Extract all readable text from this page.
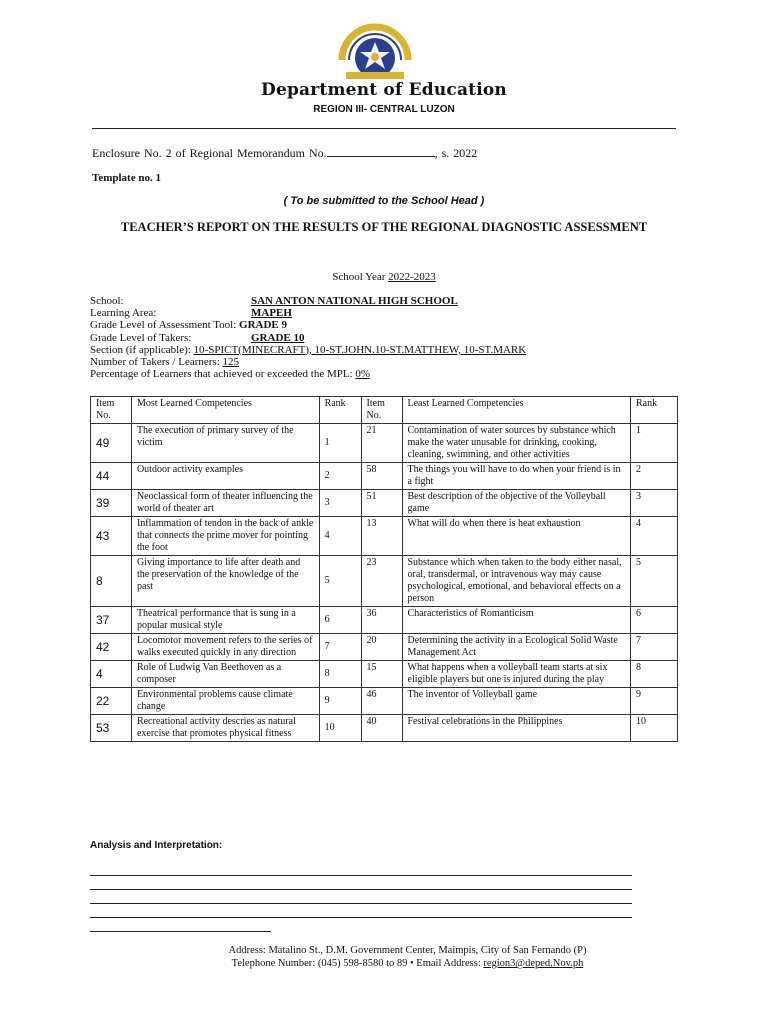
Department of Education
REGION III- CENTRAL LUZON
Enclosure No. 2 of Regional Memorandum No.	, s. 2022
Template no. 1
( To be submitted to the School Head )
TEACHER’S REPORT ON THE RESULTS OF THE REGIONAL DIAGNOSTIC ASSESSMENT
School Year 2022-2023
School:	SAN ANTON NATIONAL HIGH SCHOOL
Learning Area:	MAPEH
Grade Level of Assessment Tool: GRADE 9
Grade Level of Takers:	GRADE 10
Section (if applicable): 10-SPICT(MINECRAFT), 10-ST.JOHN.10-ST.MATTHEW, 10-ST.MARK
Number of Takers / Learners: 125
Percentage of Learners that achieved or exceeded the MPL: 0%
Item No.	Most Learned Competencies	Rank	Item No.	Least Learned Competencies	Rank
49	The execution of primary survey of the victim	1	21	Contamination of water sources by substance which make the water unusable for drinking, cooking, cleaning, swimming, and other activities	1
44	Outdoor activity examples	2	58	The things you will have to do when your friend is in a fight	2
39	Neoclassical form of theater influencing the world of theater art	3	51	Best description of the objective of the Volleyball game	3
43	Inflammation of tendon in the back of ankle that connects the prime mover for pointing the foot	4	13	What will do when there is heat exhaustion	4
8	Giving importance to life after death and the preservation of the knowledge of the past	5	23	Substance which when taken to the body either nasal, oral, transdermal, or intravenous way may cause psychological, emotional, and behavioral effects on a person	5
37	Theatrical performance that is sung in a popular musical style	6	36	Characteristics of Romanticism	6
42	Locomotor movement refers to the series of walks executed quickly in any direction	7	20	Determining the activity in a Ecological Solid Waste Management Act	7
4	Role of Ludwig Van Beethoven as a composer	8	15	What happens when a volleyball team starts at six eligible players but one is injured during the play	8
22	Environmental problems cause climate change	9	46	The inventor of Volleyball game	9
53	Recreational activity descries as natural exercise that promotes physical fitness	10	40	Festival celebrations in the Philippines	10
Analysis and Interpretation:
Address: Matalino St., D.M. Government Center, Maimpis, City of San Fernando (P)
Telephone Number: (045) 598-8580 to 89 • Email Address: region3@deped.Nov.ph
